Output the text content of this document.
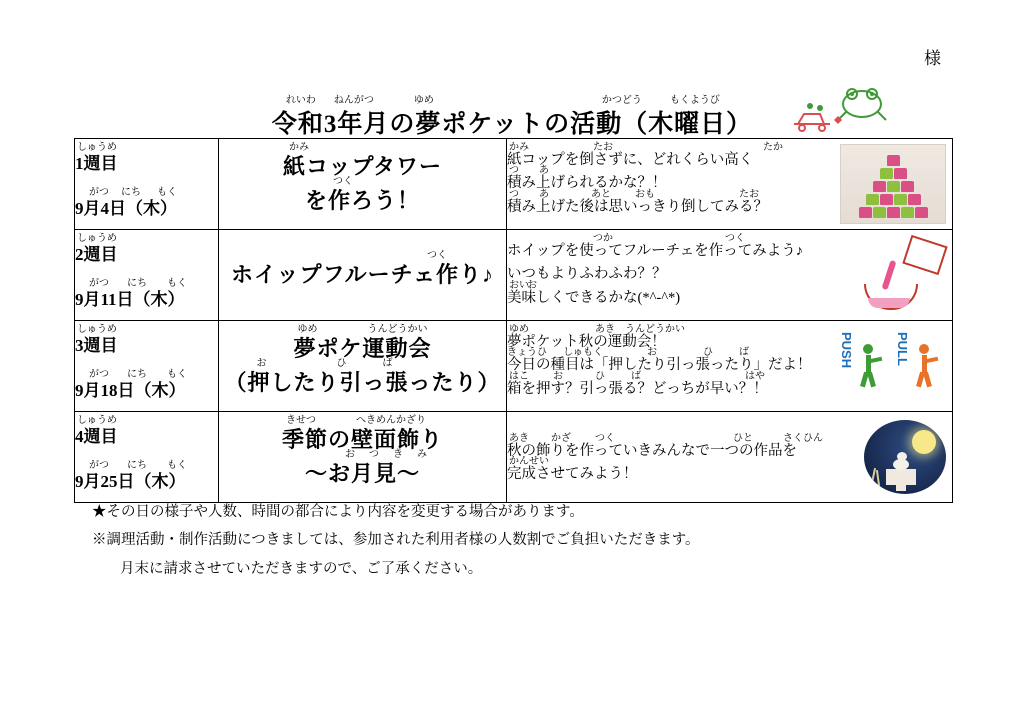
様
令和3年月の夢ポケットの活動（木曜日）
れいわ ねんがつ	ゆめ	かつどう	もくようび
しゅうめ
1週目
がつ にち もく
9月4日（木）

かみ
紙コップタワー
つく
を作ろう！

かみ	たお	たか
紙コップを倒さずに、どれくらい高く
つ あ
積み上げられるかな？！
つ あ	あと おも	たお
積み上げた後は思いっきり倒してみる？

しゅうめ
2週目
がつ にち もく
9月11日（木）

つく
ホイップフルーチェ作り♪	
つか	つく
ホイップを使ってフルーチェを作ってみよう♪
いつもよりふわふわ？？
おい
お
美味しくできるかな(*^-^*)

しゅうめ
3週目
がつ にち もく
9月18日（木）

ゆめ	うんどうかい
夢ポケ運動会
お	ひ	ば
（押したり引っ張ったり）

ゆめ	あき うんどうかい
夢ポケット秋の運動会！
きょう ひ しゅもく	お	ひ	ば
今日の種目は「押したり引っ張ったり」だよ！
はこ お	ひ	ば	はや
箱を押す？引っ張る？どっちが早い？！
PUSH	PULL

しゅうめ
4週目
がつ にち もく
9月25日（木）

きせつ	へきめんかざり
季節の壁面飾り
お つ き み
〜お月見〜

あき かざ つく	ひと	さくひん
秋の飾りを作っていきみんなで一つの作品を
かんせい
完成させてみよう！
★その日の様子や人数、時間の都合により内容を変更する場合があります。
※調理活動・制作活動につきましては、参加された利用者様の人数割でご負担いただきます。
月末に請求させていただきますので、ご了承ください。
